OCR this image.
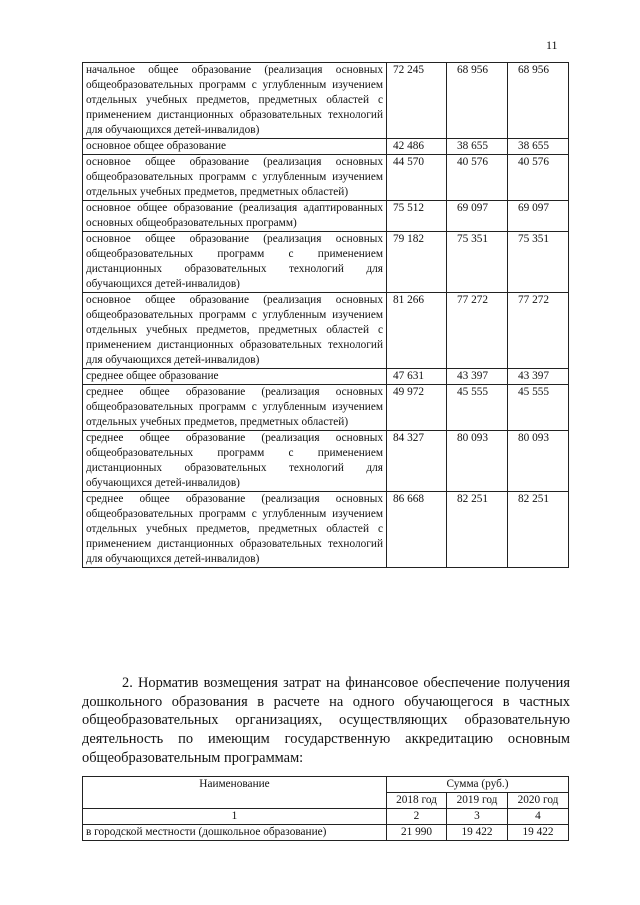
11
начальное общее образование (реализация основных общеобразовательных программ с углубленным изучением отдельных учебных предметов, предметных областей с применением дистанционных образовательных технологий для обучающихся детей-инвалидов)	72 245	68 956	68 956
основное общее образование	42 486	38 655	38 655
основное общее образование (реализация основных общеобразовательных программ с углубленным изучением отдельных учебных предметов, предметных областей)	44 570	40 576	40 576
основное общее образование (реализация адаптированных основных общеобразовательных программ)	75 512	69 097	69 097
основное общее образование (реализация основных общеобразовательных программ с применением дистанционных образовательных технологий для обучающихся детей-инвалидов)	79 182	75 351	75 351
основное общее образование (реализация основных общеобразовательных программ с углубленным изучением отдельных учебных предметов, предметных областей с применением дистанционных образовательных технологий для обучающихся детей-инвалидов)	81 266	77 272	77 272
среднее общее образование	47 631	43 397	43 397
среднее общее образование (реализация основных общеобразовательных программ с углубленным изучением отдельных учебных предметов, предметных областей)	49 972	45 555	45 555
среднее общее образование (реализация основных общеобразовательных программ с применением дистанционных образовательных технологий для обучающихся детей-инвалидов)	84 327	80 093	80 093
среднее общее образование (реализация основных общеобразовательных программ с углубленным изучением отдельных учебных предметов, предметных областей с применением дистанционных образовательных технологий для обучающихся детей-инвалидов)	86 668	82 251	82 251
2. Норматив возмещения затрат на финансовое обеспечение получения дошкольного образования в расчете на одного обучающегося в частных общеобразовательных организациях, осуществляющих образовательную деятельность по имеющим государственную аккредитацию основным общеобразовательным программам:
Наименование	Сумма (руб.)		
	2018 год	2019 год	2020 год
1	2	3	4
в городской местности (дошкольное образование)	21 990	19 422	19 422
